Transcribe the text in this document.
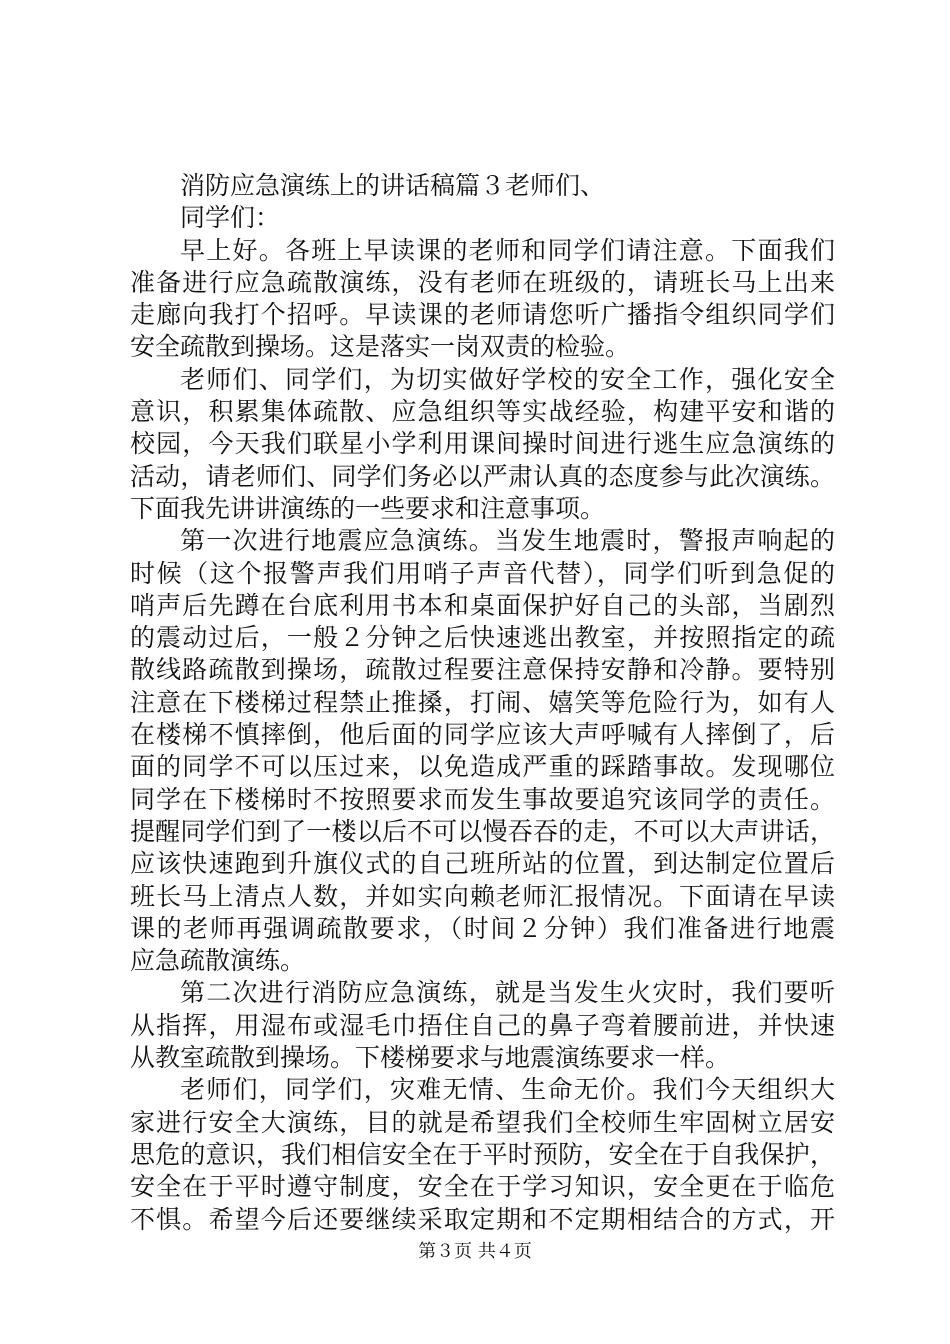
消防应急演练上的讲话稿篇３老师们、
同学们：
早上好。各班上早读课的老师和同学们请注意。下面我们
准备进行应急疏散演练，没有老师在班级的，请班长马上出来
走廊向我打个招呼。早读课的老师请您听广播指令组织同学们
安全疏散到操场。这是落实一岗双责的检验。
老师们、同学们，为切实做好学校的安全工作，强化安全
意识，积累集体疏散、应急组织等实战经验，构建平安和谐的
校园，今天我们联星小学利用课间操时间进行逃生应急演练的
活动，请老师们、同学们务必以严肃认真的态度参与此次演练。
下面我先讲讲演练的一些要求和注意事项。
第一次进行地震应急演练。当发生地震时，警报声响起的
时候（这个报警声我们用哨子声音代替），同学们听到急促的
哨声后先蹲在台底利用书本和桌面保护好自己的头部，当剧烈
的震动过后，一般２分钟之后快速逃出教室，并按照指定的疏
散线路疏散到操场，疏散过程要注意保持安静和冷静。要特别
注意在下楼梯过程禁止推搡，打闹、嬉笑等危险行为，如有人
在楼梯不慎摔倒，他后面的同学应该大声呼喊有人摔倒了，后
面的同学不可以压过来，以免造成严重的踩踏事故。发现哪位
同学在下楼梯时不按照要求而发生事故要追究该同学的责任。
提醒同学们到了一楼以后不可以慢吞吞的走，不可以大声讲话，
应该快速跑到升旗仪式的自己班所站的位置，到达制定位置后
班长马上清点人数，并如实向赖老师汇报情况。下面请在早读
课的老师再强调疏散要求，（时间２分钟）我们准备进行地震
应急疏散演练。
第二次进行消防应急演练，就是当发生火灾时，我们要听
从指挥，用湿布或湿毛巾捂住自己的鼻子弯着腰前进，并快速
从教室疏散到操场。下楼梯要求与地震演练要求一样。
老师们，同学们，灾难无情、生命无价。我们今天组织大
家进行安全大演练，目的就是希望我们全校师生牢固树立居安
思危的意识，我们相信安全在于平时预防，安全在于自我保护，
安全在于平时遵守制度，安全在于学习知识，安全更在于临危
不惧。希望今后还要继续采取定期和不定期相结合的方式，开
第３页 共４页
